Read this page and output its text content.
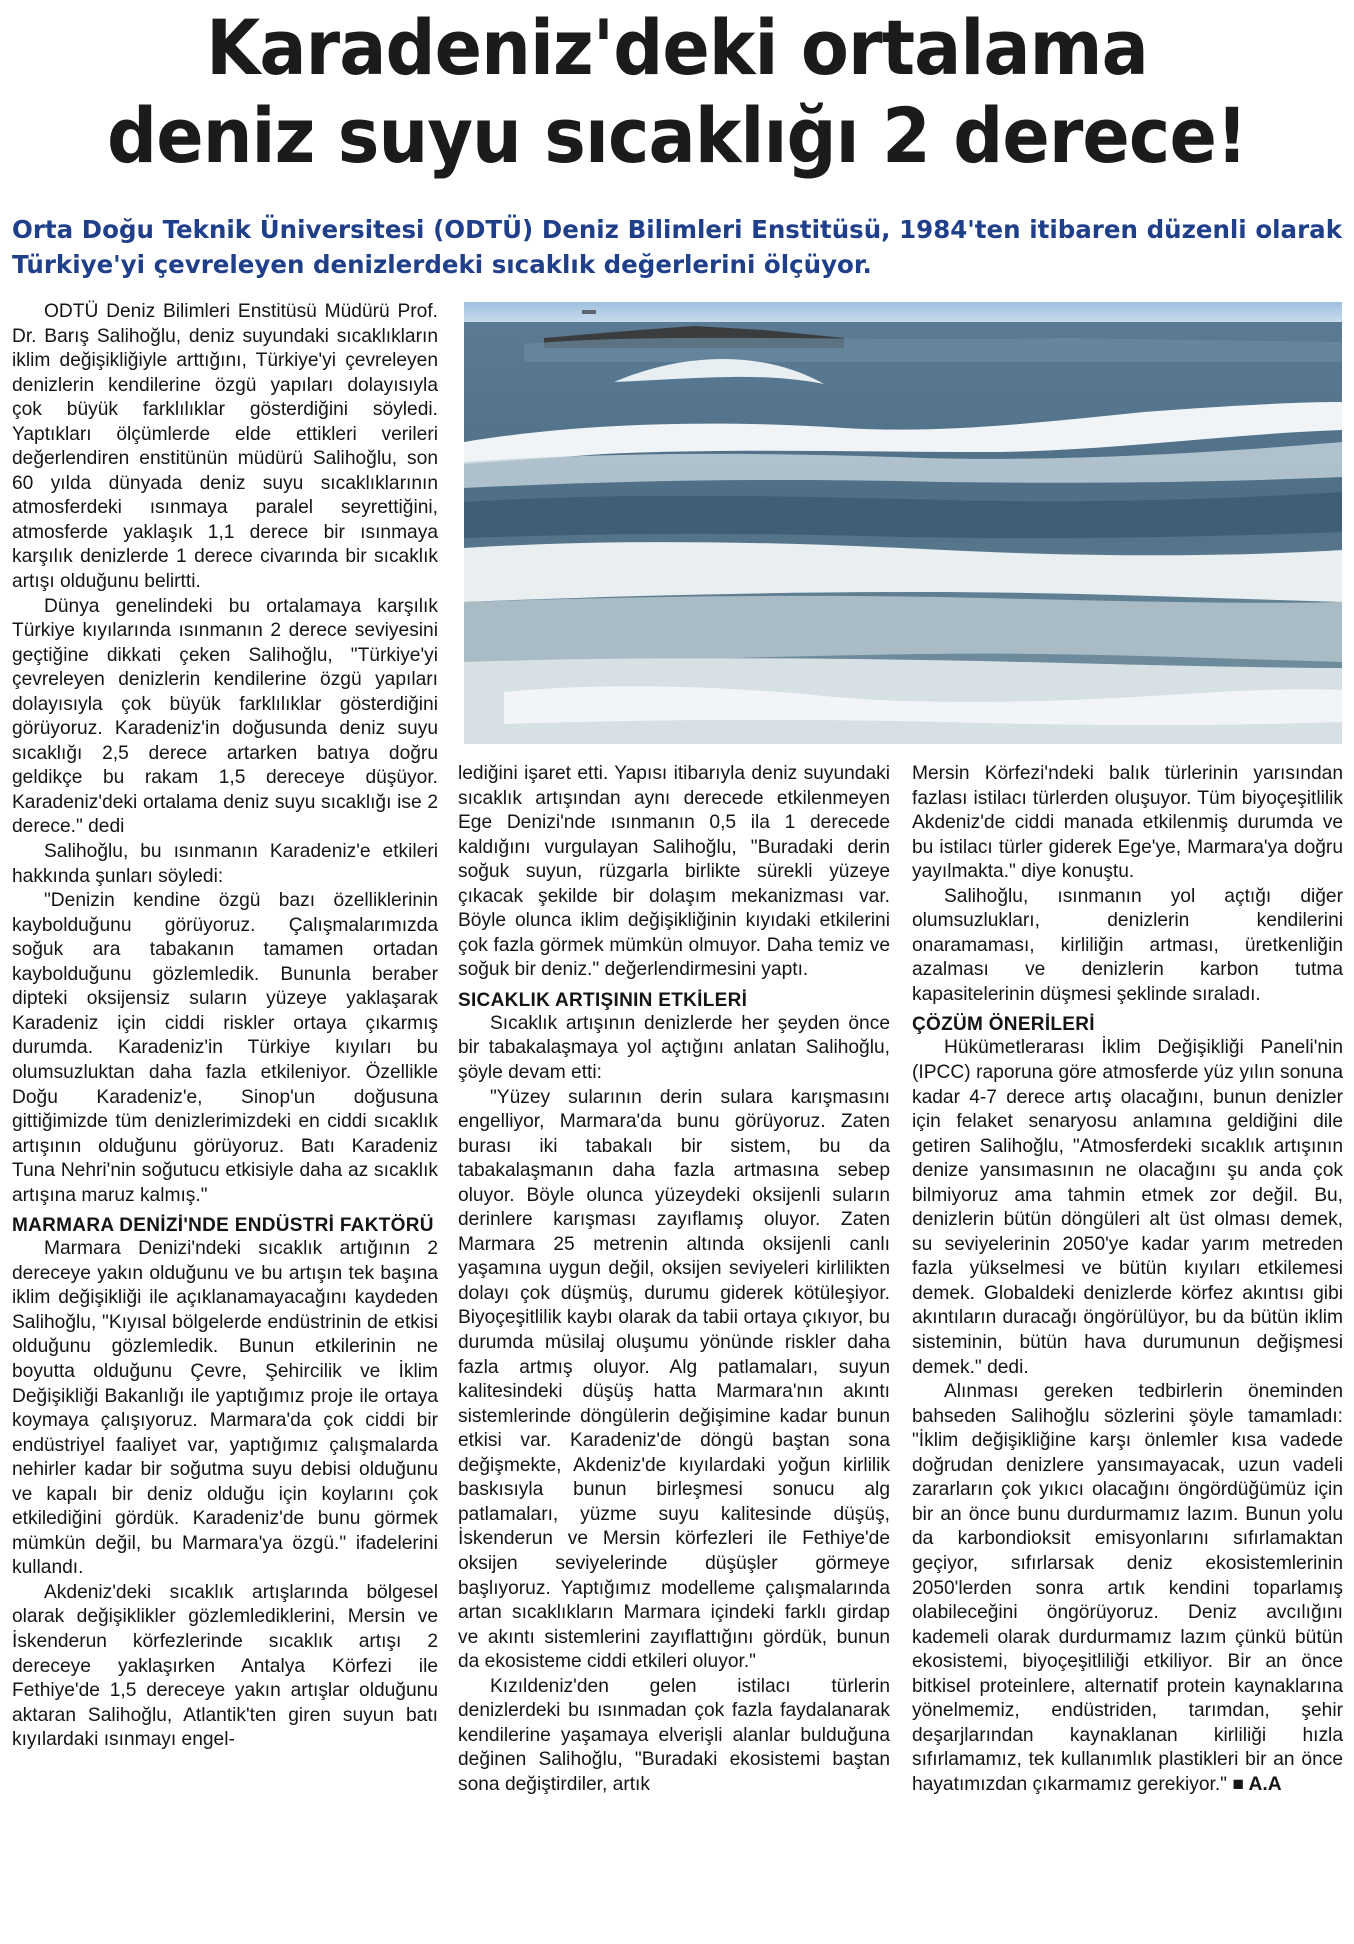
Karadeniz'deki ortalama
deniz suyu sıcaklığı 2 derece!
Orta Doğu Teknik Üniversitesi (ODTÜ) Deniz Bilimleri Enstitüsü, 1984'ten itibaren düzenli olarak Türkiye'yi çevreleyen denizlerdeki sıcaklık değerlerini ölçüyor.

ODTÜ Deniz Bilimleri Enstitüsü Müdürü Prof. Dr. Barış Salihoğlu, deniz suyundaki sıcaklıkların iklim değişikliğiyle arttığını, Türkiye'yi çevreleyen denizlerin kendilerine özgü yapıları dolayısıyla çok büyük farklılıklar gösterdiğini söyledi. Yaptıkları ölçümlerde elde ettikleri verileri değerlendiren enstitünün müdürü Salihoğlu, son 60 yılda dünyada deniz suyu sıcaklıklarının atmosferdeki ısınmaya paralel seyrettiğini, atmosferde yaklaşık 1,1 derece bir ısınmaya karşılık denizlerde 1 derece civarında bir sıcaklık artışı olduğunu belirtti.

Dünya genelindeki bu ortalamaya karşılık Türkiye kıyılarında ısınmanın 2 derece seviyesini geçtiğine dikkati çeken Salihoğlu, "Türkiye'yi çevreleyen denizlerin kendilerine özgü yapıları dolayısıyla çok büyük farklılıklar gösterdiğini görüyoruz. Karadeniz'in doğusunda deniz suyu sıcaklığı 2,5 derece artarken batıya doğru geldikçe bu rakam 1,5 dereceye düşüyor. Karadeniz'deki ortalama deniz suyu sıcaklığı ise 2 derece." dedi

Salihoğlu, bu ısınmanın Karadeniz'e etkileri hakkında şunları söyledi:

"Denizin kendine özgü bazı özelliklerinin kaybolduğunu görüyoruz. Çalışmalarımızda soğuk ara tabakanın tamamen ortadan kaybolduğunu gözlemledik. Bununla beraber dipteki oksijensiz suların yüzeye yaklaşarak Karadeniz için ciddi riskler ortaya çıkarmış durumda. Karadeniz'in Türkiye kıyıları bu olumsuzluktan daha fazla etkileniyor. Özellikle Doğu Karadeniz'e, Sinop'un doğusuna gittiğimizde tüm denizlerimizdeki en ciddi sıcaklık artışının olduğunu görüyoruz. Batı Karadeniz Tuna Nehri'nin soğutucu etkisiyle daha az sıcaklık artışına maruz kalmış."

MARMARA DENİZİ'NDE ENDÜSTRİ FAKTÖRÜ

Marmara Denizi'ndeki sıcaklık artığının 2 dereceye yakın olduğunu ve bu artışın tek başına iklim değişikliği ile açıklanamayacağını kaydeden Salihoğlu, "Kıyısal bölgelerde endüstrinin de etkisi olduğunu gözlemledik. Bunun etkilerinin ne boyutta olduğunu Çevre, Şehircilik ve İklim Değişikliği Bakanlığı ile yaptığımız proje ile ortaya koymaya çalışıyoruz. Marmara'da çok ciddi bir endüstriyel faaliyet var, yaptığımız çalışmalarda nehirler kadar bir soğutma suyu debisi olduğunu ve kapalı bir deniz olduğu için koylarını çok etkilediğini gördük. Karadeniz'de bunu görmek mümkün değil, bu Marmara'ya özgü." ifadelerini kullandı.

Akdeniz'deki sıcaklık artışlarında bölgesel olarak değişiklikler gözlemlediklerini, Mersin ve İskenderun körfezlerinde sıcaklık artışı 2 dereceye yaklaşırken Antalya Körfezi ile Fethiye'de 1,5 dereceye yakın artışlar olduğunu aktaran Salihoğlu, Atlantik'ten giren suyun batı kıyılardaki ısınmayı engel-

lediğini işaret etti. Yapısı itibarıyla deniz suyundaki sıcaklık artışından aynı derecede etkilenmeyen Ege Denizi'nde ısınmanın 0,5 ila 1 derecede kaldığını vurgulayan Salihoğlu, "Buradaki derin soğuk suyun, rüzgarla birlikte sürekli yüzeye çıkacak şekilde bir dolaşım mekanizması var. Böyle olunca iklim değişikliğinin kıyıdaki etkilerini çok fazla görmek mümkün olmuyor. Daha temiz ve soğuk bir deniz." değerlendirmesini yaptı.

SICAKLIK ARTIŞININ ETKİLERİ

Sıcaklık artışının denizlerde her şeyden önce bir tabakalaşmaya yol açtığını anlatan Salihoğlu, şöyle devam etti:

"Yüzey sularının derin sulara karışmasını engelliyor, Marmara'da bunu görüyoruz. Zaten burası iki tabakalı bir sistem, bu da tabakalaşmanın daha fazla artmasına sebep oluyor. Böyle olunca yüzeydeki oksijenli suların derinlere karışması zayıflamış oluyor. Zaten Marmara 25 metrenin altında oksijenli canlı yaşamına uygun değil, oksijen seviyeleri kirlilikten dolayı çok düşmüş, durumu giderek kötüleşiyor. Biyoçeşitlilik kaybı olarak da tabii ortaya çıkıyor, bu durumda müsilaj oluşumu yönünde riskler daha fazla artmış oluyor. Alg patlamaları, suyun kalitesindeki düşüş hatta Marmara'nın akıntı sistemlerinde döngülerin değişimine kadar bunun etkisi var. Karadeniz'de döngü baştan sona değişmekte, Akdeniz'de kıyılardaki yoğun kirlilik baskısıyla bunun birleşmesi sonucu alg patlamaları, yüzme suyu kalitesinde düşüş, İskenderun ve Mersin körfezleri ile Fethiye'de oksijen seviyelerinde düşüşler görmeye başlıyoruz. Yaptığımız modelleme çalışmalarında artan sıcaklıkların Marmara içindeki farklı girdap ve akıntı sistemlerini zayıflattığını gördük, bunun da ekosisteme ciddi etkileri oluyor."

Kızıldeniz'den gelen istilacı türlerin denizlerdeki bu ısınmadan çok fazla faydalanarak kendilerine yaşamaya elverişli alanlar bulduğuna değinen Salihoğlu, "Buradaki ekosistemi baştan sona değiştirdiler, artık

Mersin Körfezi'ndeki balık türlerinin yarısından fazlası istilacı türlerden oluşuyor. Tüm biyoçeşitlilik Akdeniz'de ciddi manada etkilenmiş durumda ve bu istilacı türler giderek Ege'ye, Marmara'ya doğru yayılmakta." diye konuştu.

Salihoğlu, ısınmanın yol açtığı diğer olumsuzlukları, denizlerin kendilerini onaramaması, kirliliğin artması, üretkenliğin azalması ve denizlerin karbon tutma kapasitelerinin düşmesi şeklinde sıraladı.

ÇÖZÜM ÖNERİLERİ

Hükümetlerarası İklim Değişikliği Paneli'nin (IPCC) raporuna göre atmosferde yüz yılın sonuna kadar 4-7 derece artış olacağını, bunun denizler için felaket senaryosu anlamına geldiğini dile getiren Salihoğlu, "Atmosferdeki sıcaklık artışının denize yansımasının ne olacağını şu anda çok bilmiyoruz ama tahmin etmek zor değil. Bu, denizlerin bütün döngüleri alt üst olması demek, su seviyelerinin 2050'ye kadar yarım metreden fazla yükselmesi ve bütün kıyıları etkilemesi demek. Globaldeki denizlerde körfez akıntısı gibi akıntıların duracağı öngörülüyor, bu da bütün iklim sisteminin, bütün hava durumunun değişmesi demek." dedi.

Alınması gereken tedbirlerin öneminden bahseden Salihoğlu sözlerini şöyle tamamladı: "İklim değişikliğine karşı önlemler kısa vadede doğrudan denizlere yansımayacak, uzun vadeli zararların çok yıkıcı olacağını öngördüğümüz için bir an önce bunu durdurmamız lazım. Bunun yolu da karbondioksit emisyonlarını sıfırlamaktan geçiyor, sıfırlarsak deniz ekosistemlerinin 2050'lerden sonra artık kendini toparlamış olabileceğini öngörüyoruz. Deniz avcılığını kademeli olarak durdurmamız lazım çünkü bütün ekosistemi, biyoçeşitliliği etkiliyor. Bir an önce bitkisel proteinlere, alternatif protein kaynaklarına yönelmemiz, endüstriden, tarımdan, şehir deşarjlarından kaynaklanan kirliliği hızla sıfırlamamız, tek kullanımlık plastikleri bir an önce hayatımızdan çıkarmamız gerekiyor." ■ A.A
